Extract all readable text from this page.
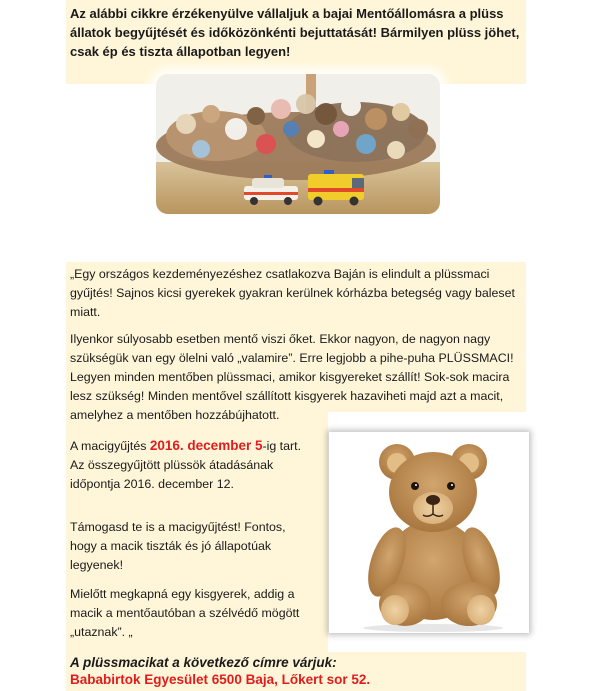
Az alábbi cikkre érzékenyülve vállaljuk a bajai Mentőállomásra a plüss állatok begyűjtését és időközönkénti bejuttatását! Bármilyen plüss jöhet, csak ép és tiszta állapotban legyen!

„Egy országos kezdeményezéshez csatlakozva Baján is elindult a plüssmaci gyűjtés! Sajnos kicsi gyerekek gyakran kerülnek kórházba betegség vagy baleset miatt.

Ilyenkor súlyosabb esetben mentő viszi őket. Ekkor nagyon, de nagyon nagy szükségük van egy ölelni való „valamire”. Erre legjobb a pihe-puha PLÜSSMACI! Legyen minden mentőben plüssmaci, amikor kisgyereket szállít! Sok-sok macira lesz szükség! Minden mentővel szállított kisgyerek hazaviheti majd azt a macit, amelyhez a mentőben hozzábújhatott.

A macigyűjtés 2016. december 5-ig tart.
Az összegyűjtött plüssök átadásának időpontja 2016. december 12.

Támogasd te is a macigyűjtést! Fontos, hogy a macik tiszták és jó állapotúak legyenek!

Mielőtt megkapná egy kisgyerek, addig a macik a mentőautóban a szélvédő mögött „utaznak”. „

A plüssmacikat a következő címre várjuk:

Bababirtok Egyesület 6500 Baja, Lőkert sor 52.
